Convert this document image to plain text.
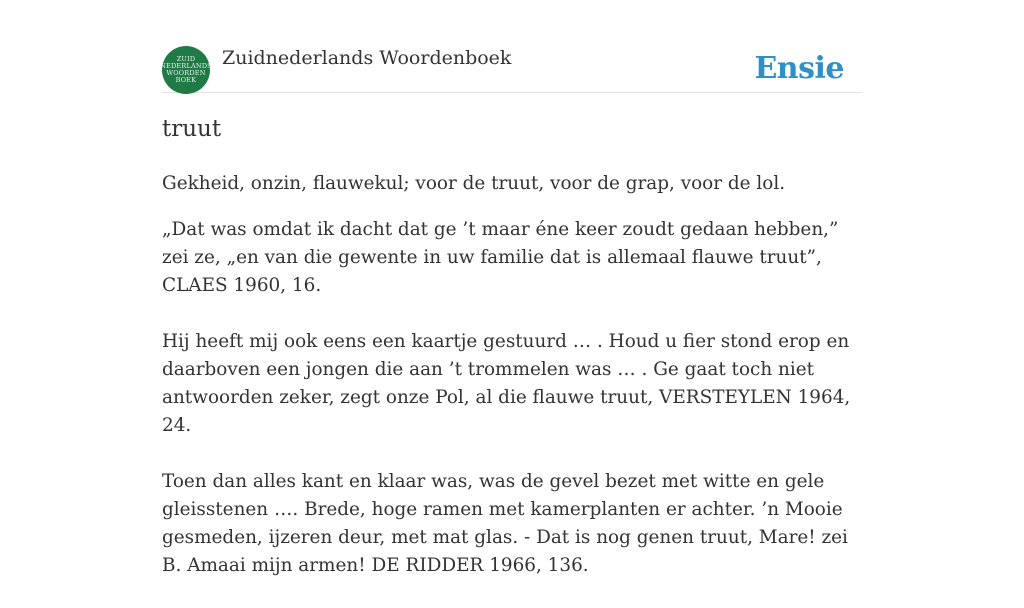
ZUID
NEDERLANDS
WOORDEN
BOEK
Zuidnederlands Woordenboek	Ensie
truut

Gekheid, onzin, flauwekul; voor de truut, voor de grap, voor de lol.

„Dat was omdat ik dacht dat ge ’t maar éne keer zoudt gedaan hebben,” zei ze, „en van die gewente in uw familie dat is allemaal flauwe truut”, CLAES 1960, 16.

Hij heeft mij ook eens een kaartje gestuurd … . Houd u fier stond erop en daarboven een jongen die aan ’t trommelen was … . Ge gaat toch niet antwoorden zeker, zegt onze Pol, al die flauwe truut, VERSTEYLEN 1964, 24.

Toen dan alles kant en klaar was, was de gevel bezet met witte en gele gleisstenen …. Brede, hoge ramen met kamerplanten er achter. ’n Mooie gesmeden, ijzeren deur, met mat glas. - Dat is nog genen truut, Mare! zei B. Amaai mijn armen! DE RIDDER 1966, 136.
